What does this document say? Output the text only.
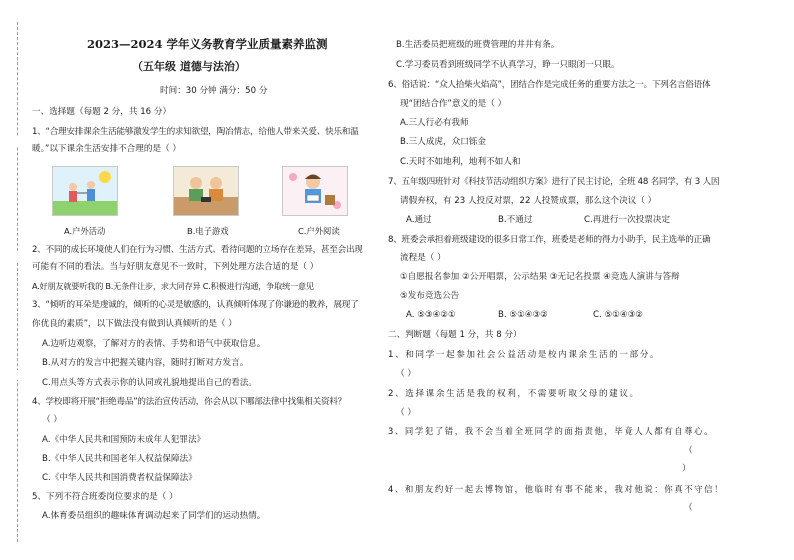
2023—2024 学年义务教育学业质量素养监测
（五年级 道德与法治）
时间：30 分钟 满分：50 分
一、选择题（每题 2 分，共 16 分）
1、“合理安排课余生活能够激发学生的求知欲望，陶冶情志，给他人带来关爱、快乐和温
暖。”以下课余生活安排不合理的是（ ）
A.户外活动	B.电子游戏	C.户外阅读
2、不同的成长环境使人们在行为习惯、生活方式、看待问题的立场存在差异，甚至会出现
可能有不同的看法。当与好朋友意见不一致时，下列处理方法合适的是（ ）
A.好朋友就要听我的 B.无条件让步，求大同存异 C.积极进行沟通，争取统一意见
3、“倾听的耳朵是虔诚的，倾听的心灵是敏感的，认真倾听体现了你谦逊的教养，展现了
你优良的素质”，以下做法没有做到认真倾听的是（ ）
A.边听边观察，了解对方的表情、手势和语气中获取信息。
B.从对方的发言中把握关键内容，随时打断对方发言。
C.用点头等方式表示你的认同或礼貌地提出自己的看法。
4、学校即将开展“拒绝毒品”的法治宣传活动，你会从以下哪部法律中找集相关资料？
（ ）
A.《中华人民共和国预防未成年人犯罪法》
B.《中华人民共和国老年人权益保障法》
C.《中华人民共和国消费者权益保障法》
5、下列不符合班委岗位要求的是（ ）
A.体育委员组织的趣味体育调动起来了同学们的运动热情。
B.生活委员把班级的班费管理的井井有条。
C.学习委员看到班级同学不认真学习，睁一只眼闭一只眼。
6、俗话说：“众人拾柴火焰高”，团结合作是完成任务的重要方法之一。下列名言俗语体
现“团结合作”意义的是（ ）
A.三人行必有我师
B.三人成虎，众口铄金
C.天时不如地利，地利不如人和
7、五年级四班针对《科技节活动组织方案》进行了民主讨论，全班 48 名同学，有 3 人因
请假弃权，有 23 人投反对票，22 人投赞成票，那么这个决议（ ）
A.通过	B.不通过	C.再进行一次投票决定
8、班委会承担着班级建设的很多日常工作，班委是老师的得力小助手，民主选举的正确
流程是（ ）
①自愿报名参加 ②公开唱票，公示结果 ③无记名投票 ④竞选人演讲与答辩
⑤发布竞选公告
A. ⑤③④②①	B. ⑤①④③②	C. ⑤①④③②
二、判断题（每题 1 分，共 8 分）
1、和同学一起参加社会公益活动是校内课余生活的一部分。
（ ）
2、选择课余生活是我的权利，不需要听取父母的建议。
（ ）
3、同学犯了错，我不会当着全班同学的面指责他，毕竟人人都有自尊心。
（
）
4、和朋友约好一起去博物馆，他临时有事不能来，我对他说：你真不守信！
（
